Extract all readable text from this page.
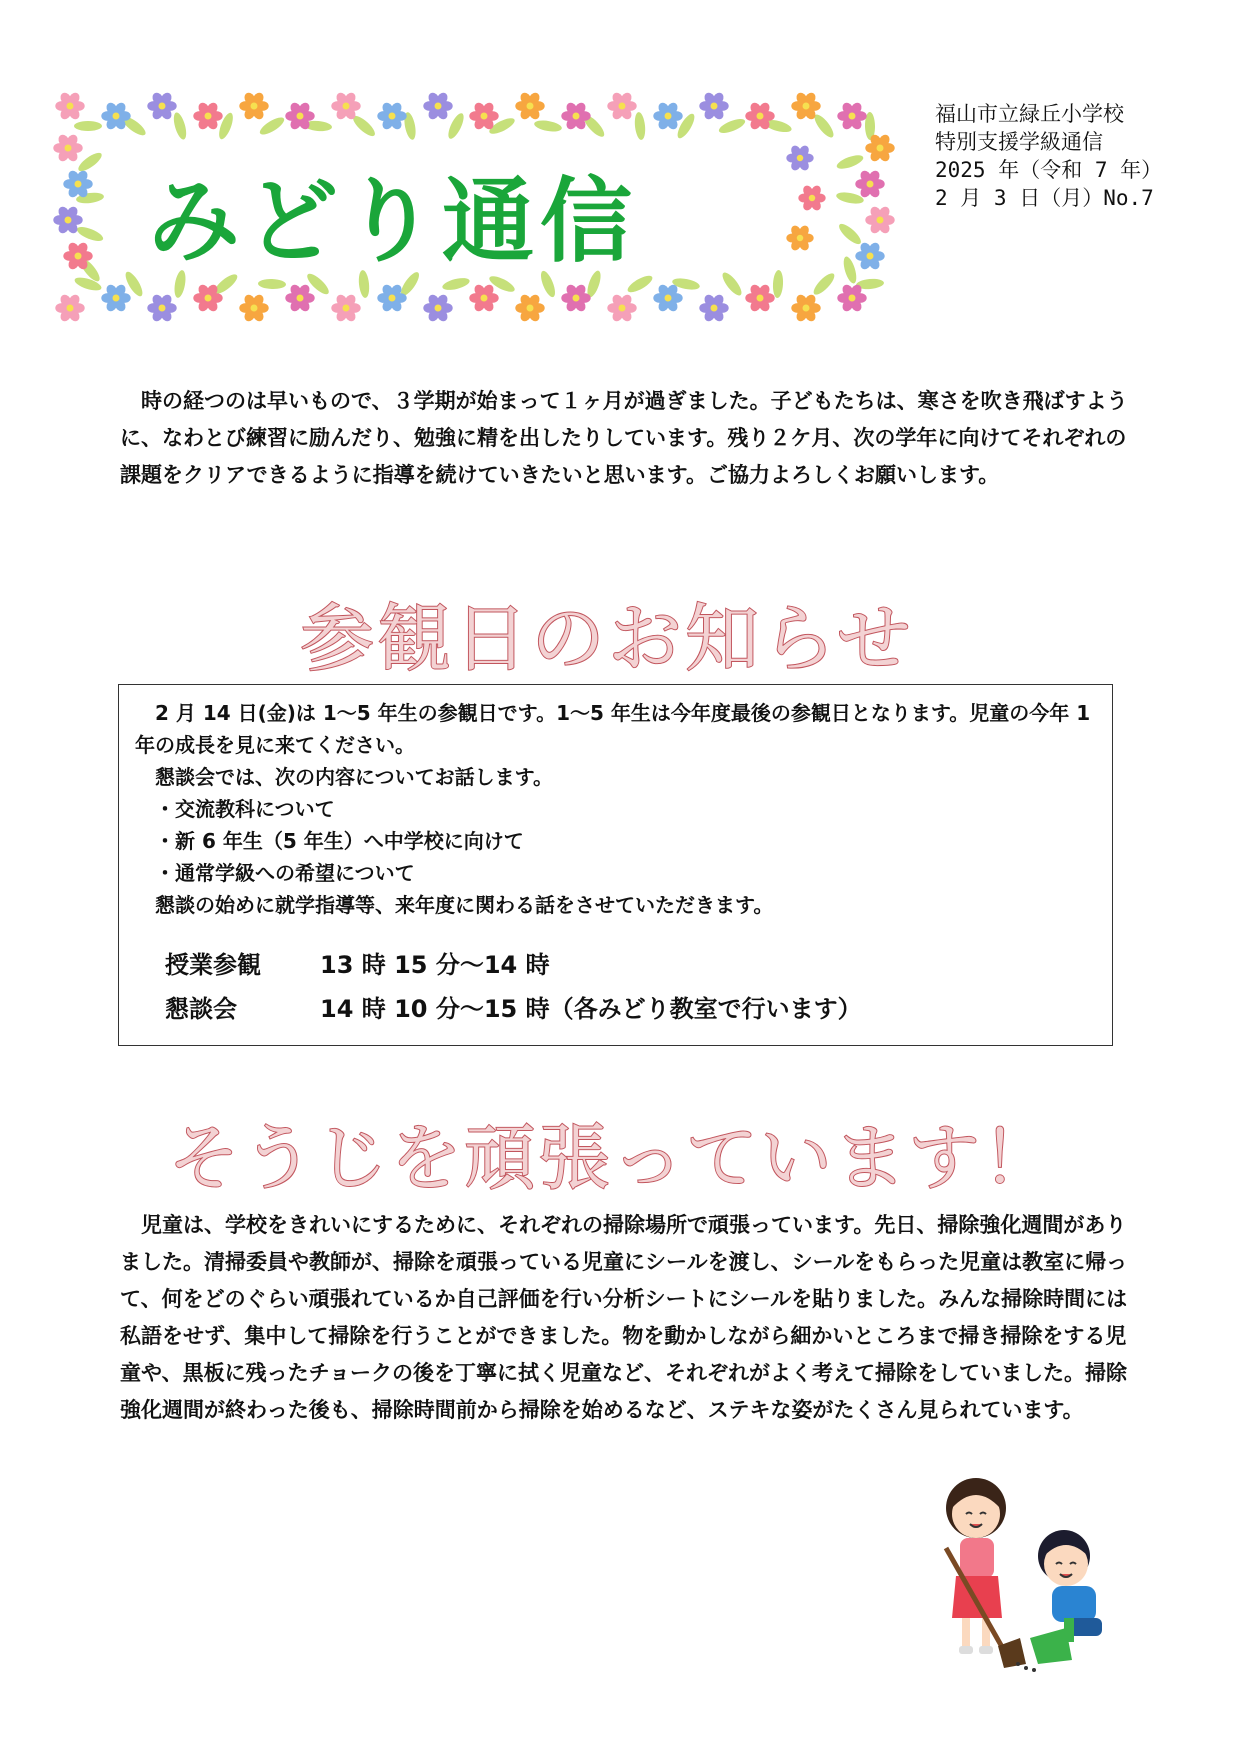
みどり通信
福山市立緑丘小学校
特別支援学級通信
2025 年（令和 7 年）
2 月 3 日（月）No.7

時の経つのは早いもので、３学期が始まって１ヶ月が過ぎました。子どもたちは、寒さを吹き飛ばすように、なわとび練習に励んだり、勉強に精を出したりしています。残り２ケ月、次の学年に向けてそれぞれの課題をクリアできるように指導を続けていきたいと思います。ご協力よろしくお願いします。

参観日のお知らせ

2 月 14 日(金)は 1～5 年生の参観日です。1～5 年生は今年度最後の参観日となります。児童の今年 1 年の成長を見に来てください。

懇談会では、次の内容についてお話します。

・交流教科について

・新 6 年生（5 年生）へ中学校に向けて

・通常学級への希望について

懇談の始めに就学指導等、来年度に関わる話をさせていただきます。

授業参観	13 時 15 分～14 時
懇談会	14 時 10 分～15 時（各みどり教室で行います）
そうじを頑張っています！

児童は、学校をきれいにするために、それぞれの掃除場所で頑張っています。先日、掃除強化週間がありました。清掃委員や教師が、掃除を頑張っている児童にシールを渡し、シールをもらった児童は教室に帰って、何をどのぐらい頑張れているか自己評価を行い分析シートにシールを貼りました。みんな掃除時間には私語をせず、集中して掃除を行うことができました。物を動かしながら細かいところまで掃き掃除をする児童や、黒板に残ったチョークの後を丁寧に拭く児童など、それぞれがよく考えて掃除をしていました。掃除強化週間が終わった後も、掃除時間前から掃除を始めるなど、ステキな姿がたくさん見られています。
